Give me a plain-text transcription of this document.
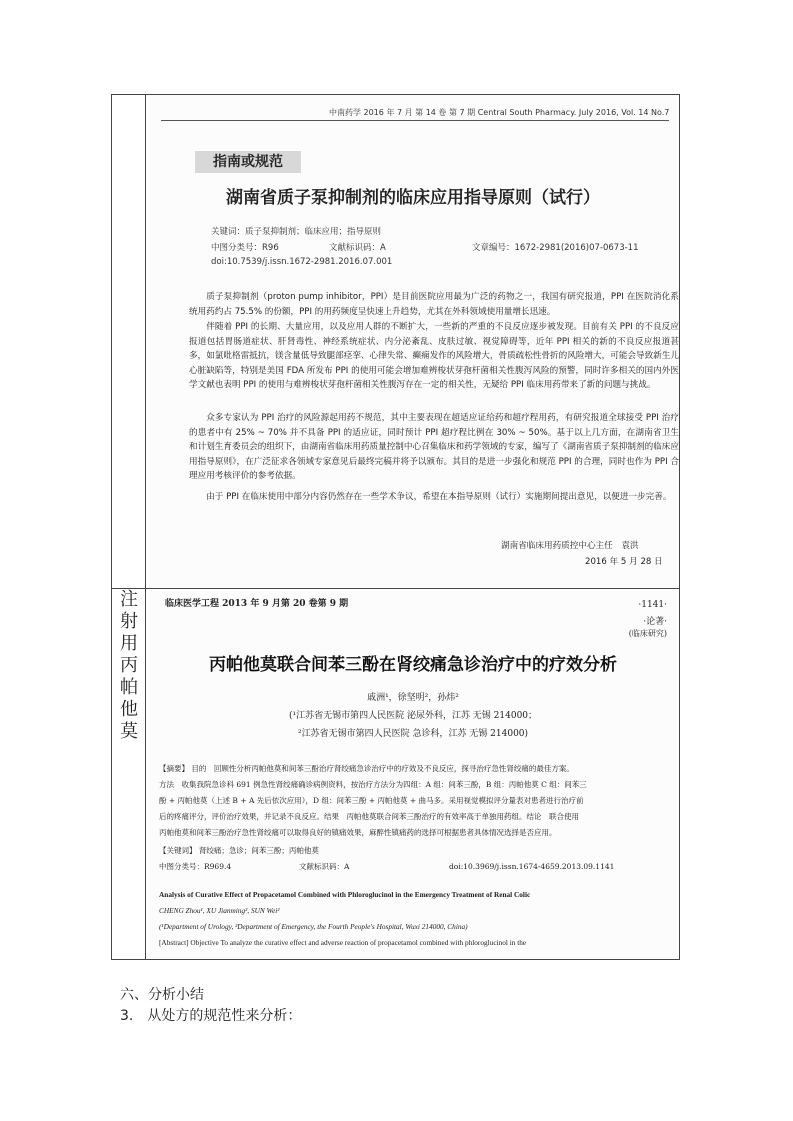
注射用丙帕他莫
中南药学 2016 年 7 月 第 14 卷 第 7 期 Central South Pharmacy. July 2016, Vol. 14 No.7
指南或规范
湖南省质子泵抑制剂的临床应用指导原则（试行）
关键词：质子泵抑制剂；临床应用；指导原则
中图分类号：R96	文献标识码：A	文章编号：1672-2981(2016)07-0673-11
doi:10.7539/j.issn.1672-2981.2016.07.001
质子泵抑制剂（proton pump inhibitor，PPI）是目前医院应用最为广泛的药物之一，我国有研究报道，PPI 在医院消化系统用药约占 75.5% 的份额，PPI 的用药频度呈快速上升趋势，尤其在外科领域使用量增长迅速。
伴随着 PPI 的长期、大量应用，以及应用人群的不断扩大，一些新的严重的不良反应逐步被发现。目前有关 PPI 的不良反应报道包括胃肠道症状、肝肾毒性、神经系统症状、内分泌紊乱、皮肤过敏、视觉障碍等，近年 PPI 相关的新的不良反应报道甚多，如氯吡格雷抵抗，镁含量低导致腿部痉挛、心律失常、癫痫发作的风险增大，骨质疏松性骨折的风险增大，可能会导致新生儿心脏缺陷等，特别是美国 FDA 所发布 PPI 的使用可能会增加难辨梭状芽孢杆菌相关性腹泻风险的预警，同时许多相关的国内外医学文献也表明 PPI 的使用与难辨梭状芽孢杆菌相关性腹泻存在一定的相关性，无疑给 PPI 临床用药带来了新的问题与挑战。
众多专家认为 PPI 治疗的风险源起用药不规范，其中主要表现在超适应证给药和超疗程用药，有研究报道全球接受 PPI 治疗的患者中有 25% ~ 70% 并不具备 PPI 的适应证，同时预计 PPI 超疗程比例在 30% ~ 50%。基于以上几方面，在湖南省卫生和计划生育委员会的组织下，由湖南省临床用药质量控制中心召集临床和药学领域的专家，编写了《湖南省质子泵抑制剂的临床应用指导原则》，在广泛征求各领域专家意见后最终完稿并将予以颁布。其目的是进一步强化和规范 PPI 的合理，同时也作为 PPI 合理应用考核评价的参考依据。
由于 PPI 在临床使用中部分内容仍然存在一些学术争议，希望在本指导原则（试行）实施期间提出意见，以便进一步完善。
湖南省临床用药质控中心主任　袁洪
2016 年 5 月 28 日
临床医学工程 2013 年 9 月第 20 卷第 9 期	·1141·
·论著·
(临床研究)
丙帕他莫联合间苯三酚在肾绞痛急诊治疗中的疗效分析
戚洲¹，徐坚明²，孙炜²
(¹江苏省无锡市第四人民医院 泌尿外科，江苏 无锡 214000；
²江苏省无锡市第四人民医院 急诊科，江苏 无锡 214000)
【摘要】 目的　回顾性分析丙帕他莫和间苯三酚治疗肾绞痛急诊治疗中的疗效及不良反应，探寻治疗急性肾绞痛的最佳方案。
方法　收集我院急诊科 691 例急性肾绞痛确诊病例资料，按治疗方法分为四组：A 组：间苯三酚，B 组：丙帕他莫 C 组：间苯三
酚 + 丙帕他莫（上述 B + A 先后依次应用），D 组：间苯三酚 + 丙帕他莫 + 曲马多。采用视觉模拟评分量表对患者进行治疗前
后的疼痛评分，评价治疗效果，并记录不良反应。结果　丙帕他莫联合间苯三酚治疗的有效率高于单独用药组。结论　联合使用
丙帕他莫和间苯三酚治疗急性肾绞痛可以取得良好的镇痛效果，麻醉性镇痛药的选择可根据患者具体情况选择是否应用。
【关键词】 肾绞痛；急诊；间苯三酚；丙帕他莫
中图分类号：R969.4	文献标识码：A	doi:10.3969/j.issn.1674-4659.2013.09.1141
Analysis of Curative Effect of Propacetamol Combined with Phloroglucinol in the Emergency Treatment of Renal Colic
CHENG Zhou¹, XU Jianming², SUN Wei²
(¹Department of Urology, ²Department of Emergency, the Fourth People's Hospital, Wuxi 214000, China)
[Abstract] Objective To analyze the curative effect and adverse reaction of propacetamol combined with phloroglucinol in the
六、分析小结
3.　从处方的规范性来分析：
